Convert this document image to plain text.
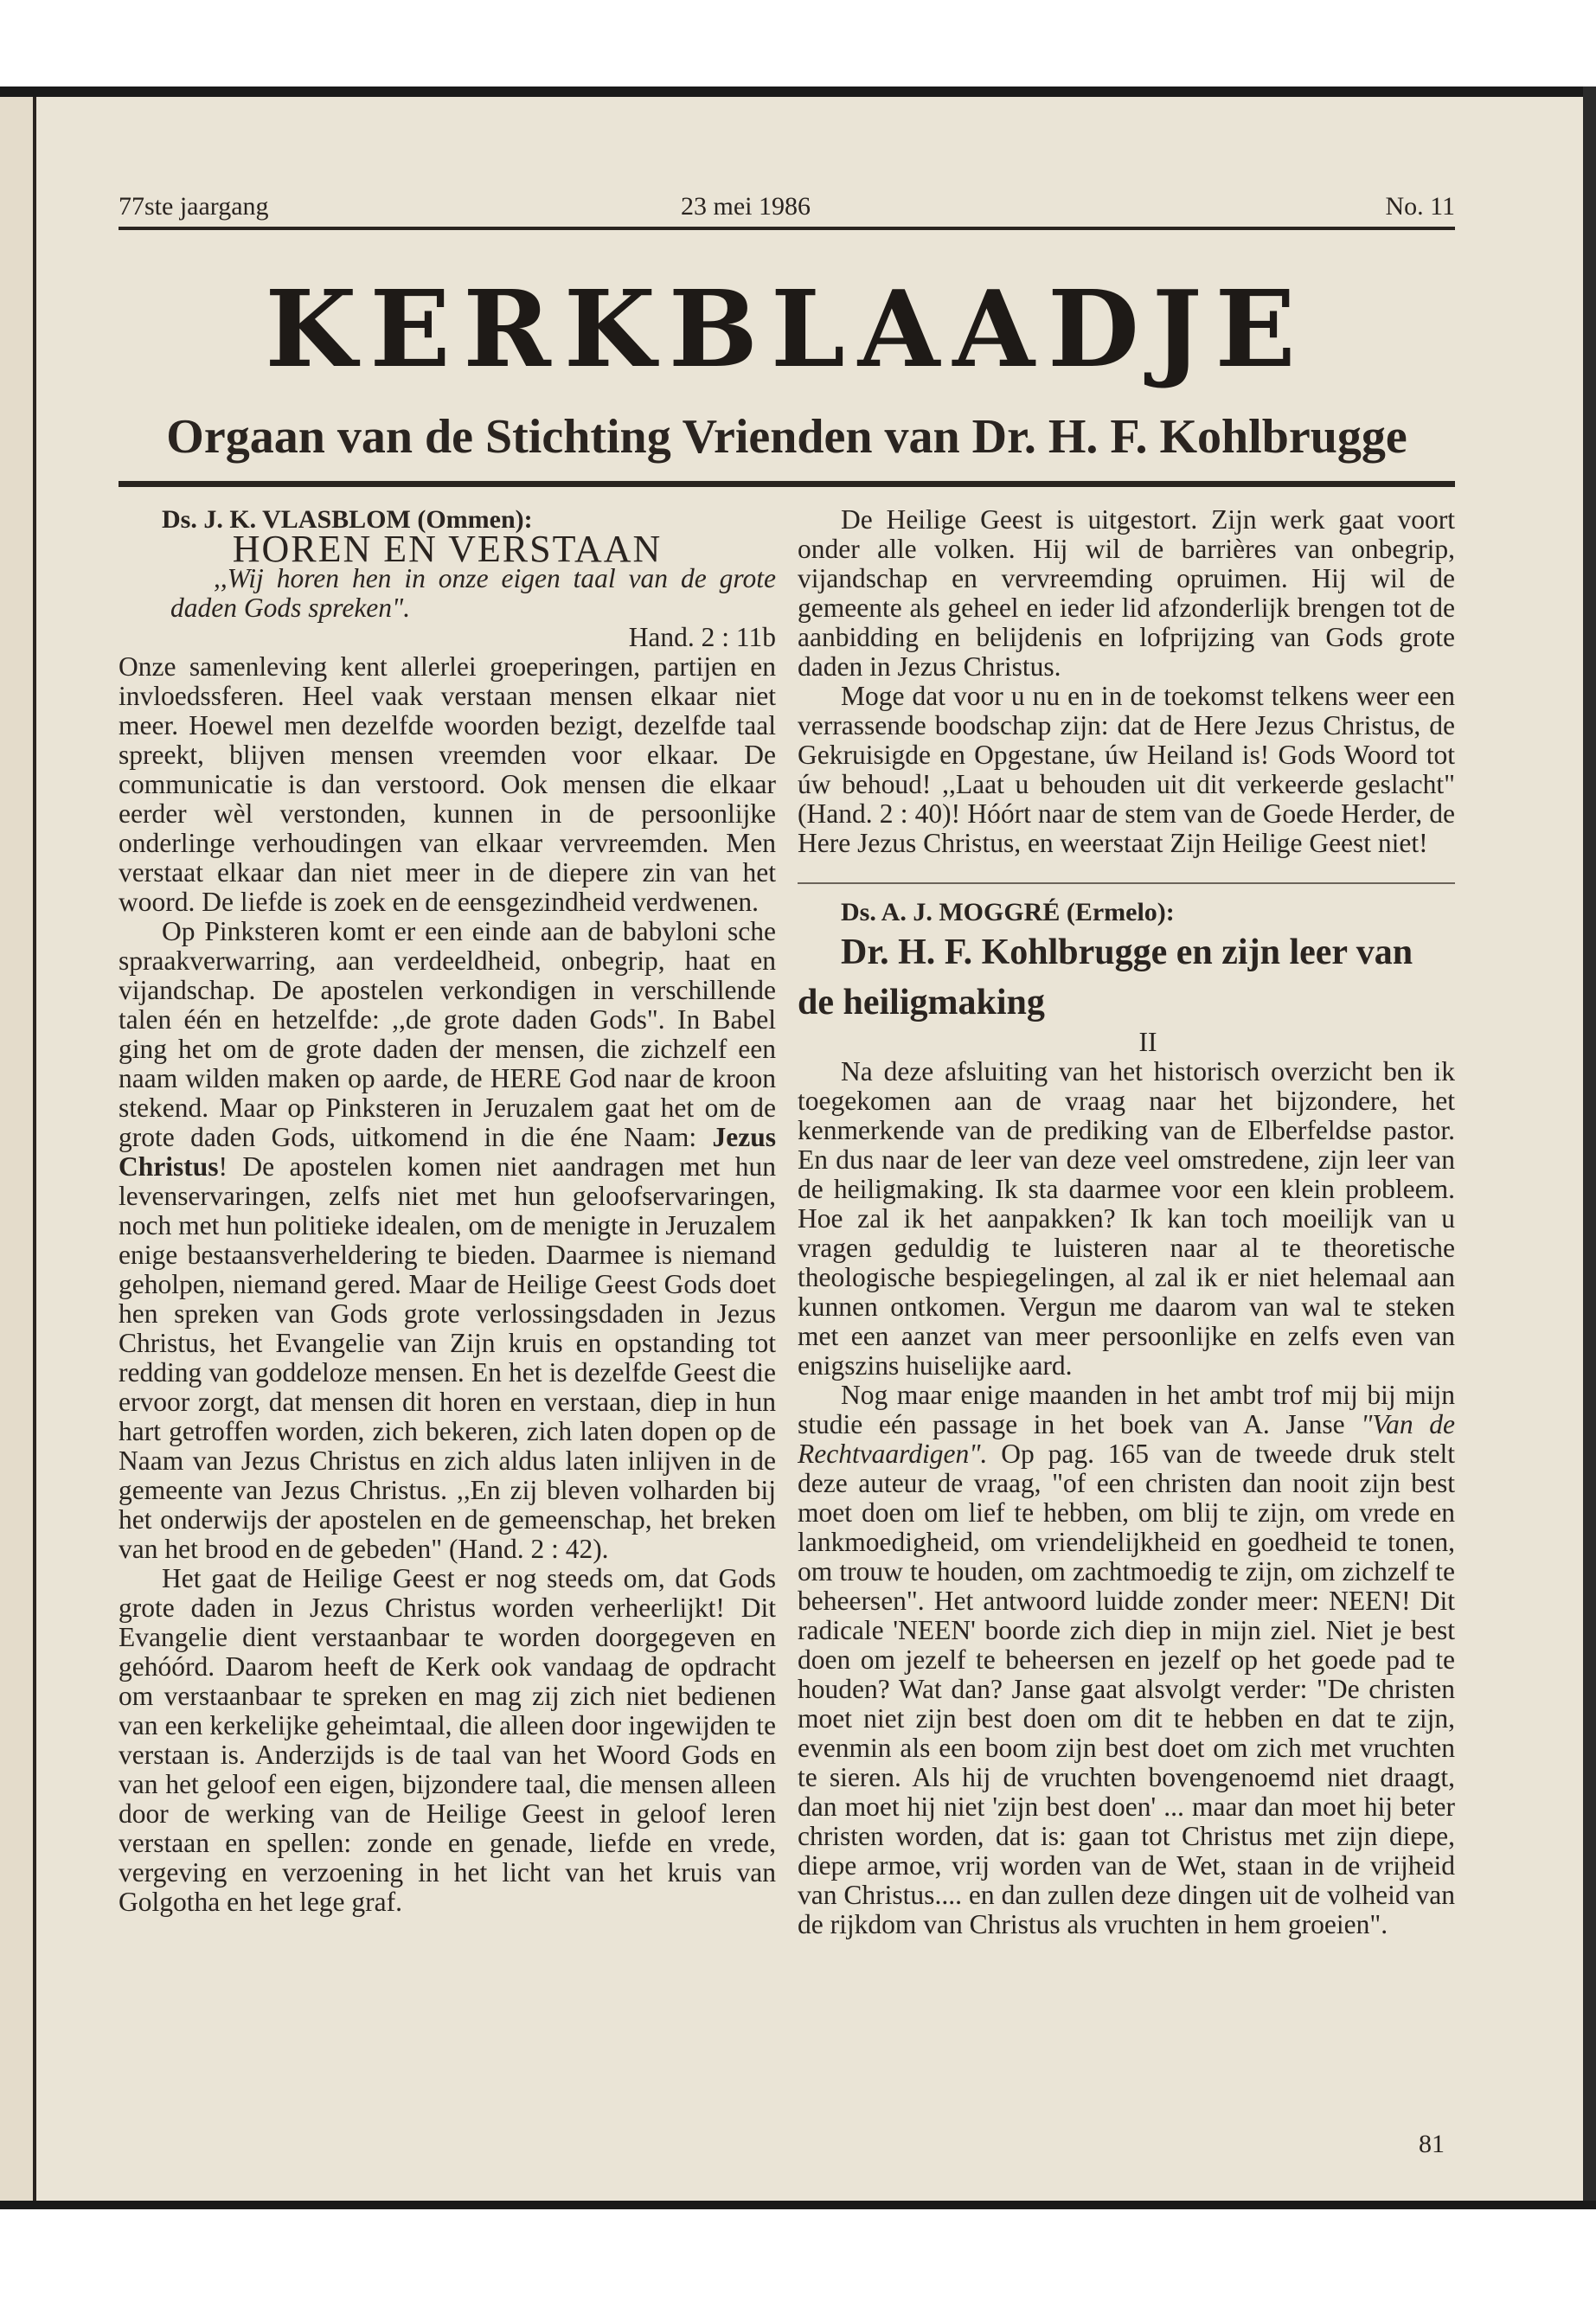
77ste jaargang	23 mei 1986	No. 11
KERKBLAADJE
Orgaan van de Stichting Vrienden van Dr. H. F. Kohlbrugge

Ds. J. K. VLASBLOM (Ommen):

HOREN EN VERSTAAN

,,Wij horen hen in onze eigen taal van de grote daden Gods spreken".

Hand. 2 : 11b

Onze samenleving kent allerlei groeperingen, partijen en invloedssferen. Heel vaak verstaan mensen elkaar niet meer. Hoewel men dezelfde woorden bezigt, dezelfde taal spreekt, blijven mensen vreemden voor elkaar. De communicatie is dan verstoord. Ook mensen die elkaar eerder wèl verstonden, kunnen in de persoonlijke onderlinge verhoudingen van elkaar vervreemden. Men verstaat elkaar dan niet meer in de diepere zin van het woord. De liefde is zoek en de eensgezindheid verdwenen.

Op Pinksteren komt er een einde aan de babyloni sche spraakverwarring, aan verdeeldheid, onbegrip, haat en vijandschap. De apostelen verkondigen in verschillende talen één en hetzelfde: ,,de grote daden Gods". In Babel ging het om de grote daden der mensen, die zichzelf een naam wilden maken op aarde, de HERE God naar de kroon stekend. Maar op Pinksteren in Jeruzalem gaat het om de grote daden Gods, uitkomend in die éne Naam: Jezus Christus! De apostelen komen niet aandragen met hun levenservaringen, zelfs niet met hun geloofservaringen, noch met hun politieke idealen, om de menigte in Jeruzalem enige bestaansverheldering te bieden. Daarmee is niemand geholpen, niemand gered. Maar de Heilige Geest Gods doet hen spreken van Gods grote verlossingsdaden in Jezus Christus, het Evangelie van Zijn kruis en opstanding tot redding van goddeloze mensen. En het is dezelfde Geest die ervoor zorgt, dat mensen dit horen en verstaan, diep in hun hart getroffen worden, zich bekeren, zich laten dopen op de Naam van Jezus Christus en zich aldus laten inlijven in de gemeente van Jezus Christus. ,,En zij bleven volharden bij het onderwijs der apostelen en de gemeenschap, het breken van het brood en de gebeden" (Hand. 2 : 42).

Het gaat de Heilige Geest er nog steeds om, dat Gods grote daden in Jezus Christus worden verheerlijkt! Dit Evangelie dient verstaanbaar te worden doorgegeven en gehóórd. Daarom heeft de Kerk ook vandaag de opdracht om verstaanbaar te spreken en mag zij zich niet bedienen van een kerkelijke geheimtaal, die alleen door ingewijden te verstaan is. Anderzijds is de taal van het Woord Gods en van het geloof een eigen, bijzondere taal, die mensen alleen door de werking van de Heilige Geest in geloof leren verstaan en spellen: zonde en genade, liefde en vrede, vergeving en verzoening in het licht van het kruis van Golgotha en het lege graf.

De Heilige Geest is uitgestort. Zijn werk gaat voort onder alle volken. Hij wil de barrières van onbegrip, vijandschap en vervreemding opruimen. Hij wil de gemeente als geheel en ieder lid afzonderlijk brengen tot de aanbidding en belijdenis en lofprijzing van Gods grote daden in Jezus Christus.

Moge dat voor u nu en in de toekomst telkens weer een verrassende boodschap zijn: dat de Here Jezus Christus, de Gekruisigde en Opgestane, úw Heiland is! Gods Woord tot úw behoud! ,,Laat u behouden uit dit verkeerde geslacht" (Hand. 2 : 40)! Hóórt naar de stem van de Goede Herder, de Here Jezus Christus, en weerstaat Zijn Heilige Geest niet!

Ds. A. J. MOGGRÉ (Ermelo):

Dr. H. F. Kohlbrugge en zijn leer van de heiligmaking

II

Na deze afsluiting van het historisch overzicht ben ik toegekomen aan de vraag naar het bijzondere, het kenmerkende van de prediking van de Elberfeldse pastor. En dus naar de leer van deze veel omstredene, zijn leer van de heiligmaking. Ik sta daarmee voor een klein probleem. Hoe zal ik het aanpakken? Ik kan toch moeilijk van u vragen geduldig te luisteren naar al te theoretische theologische bespiegelingen, al zal ik er niet helemaal aan kunnen ontkomen. Vergun me daarom van wal te steken met een aanzet van meer persoonlijke en zelfs even van enigszins huiselijke aard.

Nog maar enige maanden in het ambt trof mij bij mijn studie eén passage in het boek van A. Janse "Van de Rechtvaardigen". Op pag. 165 van de tweede druk stelt deze auteur de vraag, "of een christen dan nooit zijn best moet doen om lief te hebben, om blij te zijn, om vrede en lankmoedigheid, om vriendelijkheid en goedheid te tonen, om trouw te houden, om zachtmoedig te zijn, om zichzelf te beheersen". Het antwoord luidde zonder meer: NEEN! Dit radicale 'NEEN' boorde zich diep in mijn ziel. Niet je best doen om jezelf te beheersen en jezelf op het goede pad te houden? Wat dan? Janse gaat alsvolgt verder: "De christen moet niet zijn best doen om dit te hebben en dat te zijn, evenmin als een boom zijn best doet om zich met vruchten te sieren. Als hij de vruchten bovengenoemd niet draagt, dan moet hij niet 'zijn best doen' ... maar dan moet hij beter christen worden, dat is: gaan tot Christus met zijn diepe, diepe armoe, vrij worden van de Wet, staan in de vrijheid van Christus.... en dan zullen deze dingen uit de volheid van de rijkdom van Christus als vruchten in hem groeien".

81
